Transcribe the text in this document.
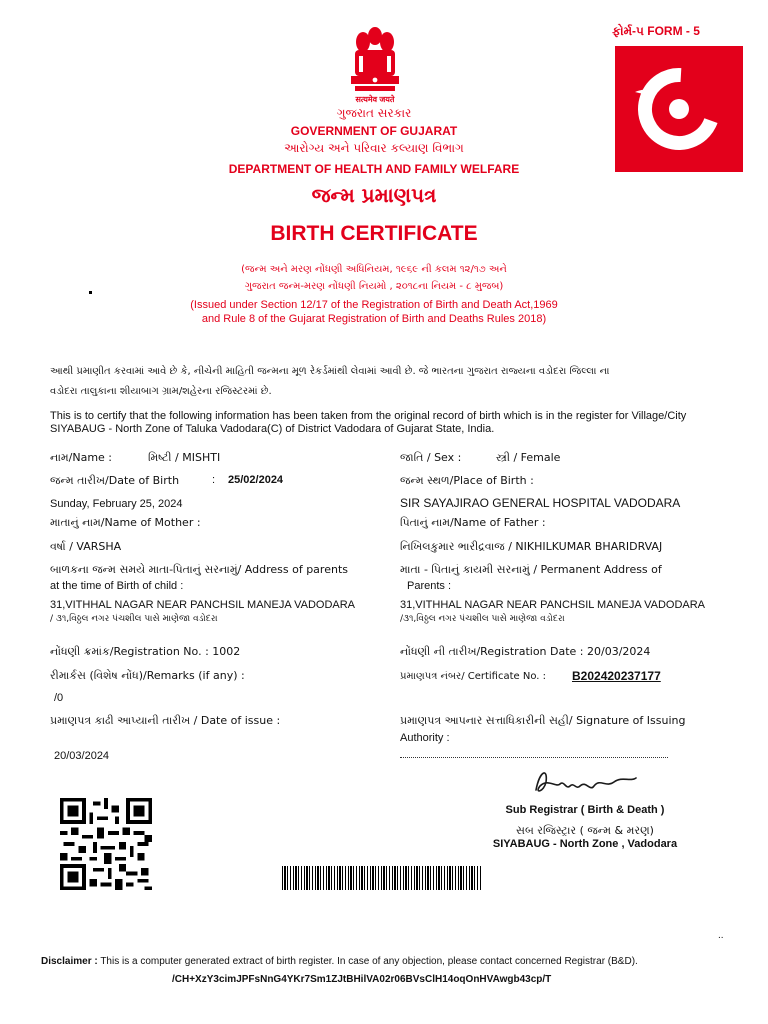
ફોર્મ-૫ FORM - 5
सत्यमेव जयते
ગુજરાત સરકાર
GOVERNMENT OF GUJARAT
આરોગ્ય અને પરિવાર કલ્યાણ વિભાગ
DEPARTMENT OF HEALTH AND FAMILY WELFARE
જન્મ પ્રમાણપત્ર
BIRTH CERTIFICATE
(જન્મ અને મરણ નોંધણી અધિનિયમ, ૧૯૬૯ ની કલમ ૧૨/૧૭ અને
ગુજરાત જન્મ-મરણ નોંધણી નિયમો , ૨૦૧૮ના નિયમ - ૮ મુજબ)
(Issued under Section 12/17 of the Registration of Birth and Death Act,1969
and Rule 8 of the Gujarat Registration of Birth and Deaths Rules 2018)
આથી પ્રમાણીત કરવામાં આવે છે કે, નીચેની માહિતી જન્મના મૂળ રેકર્ડમાંથી લેવામાં આવી છે. જે ભારતના ગુજરાત રાજ્યના વડોદરા જિલ્લા ના
વડોદરા તાલુકાના શીયાબાગ ગ્રામ/શહેરના રજિસ્ટરમાં છે.
This is to certify that the following information has been taken from the original record of birth which is in the register for Village/City
SIYABAUG - North Zone of Taluka Vadodara(C) of District Vadodara of Gujarat State, India.
નામ/Name :	મિષ્ટી / MISHTI
જન્મ તારીખ/Date of Birth	: 25/02/2024
Sunday, February 25, 2024
માતાનું નામ/Name of Mother :
વર્ષા / VARSHA
બાળકના જન્મ સમયે માતા-પિતાનું સરનામું/ Address of parents
at the time of Birth of child :
31,VITHHAL NAGAR NEAR PANCHSIL MANEJA VADODARA
/ ૩૧,વિઠ્ઠલ નગર પંચશીલ પાસે માણેજા વડોદરા
નોંધણી ક્રમાંક/Registration No. : 1002
રીમાર્કસ (વિશેષ નોંધ)/Remarks (if any) :
/0
પ્રમાણપત્ર કાઢી આપ્યાની તારીખ / Date of issue :
20/03/2024
જાતિ / Sex :	સ્ત્રી / Female
જન્મ સ્થળ/Place of Birth :
SIR SAYAJIRAO GENERAL HOSPITAL VADODARA
પિતાનું નામ/Name of Father :
નિખિલકુમાર ભારીદ્રવાજ / NIKHILKUMAR BHARIDRVAJ
માતા - પિતાનું કાયમી સરનામું / Permanent Address of
Parents :
31,VITHHAL NAGAR NEAR PANCHSIL MANEJA VADODARA
/૩૧,વિઠ્ઠલ નગર પંચશીલ પાસે માણેજા વડોદરા
નોંધણી ની તારીખ/Registration Date : 20/03/2024
પ્રમાણપત્ર નંબર/ Certificate No. : B202420237177
પ્રમાણપત્ર આપનાર સત્તાધિકારીની સહી/ Signature of Issuing
Authority :
Sub Registrar ( Birth & Death )
સબ રજિસ્ટ્રાર ( જન્મ & મરણ)
SIYABAUG - North Zone , Vadodara
..
Disclaimer : This is a computer generated extract of birth register. In case of any objection, please contact concerned Registrar (B&D).
/CH+XzY3cimJPFsNnG4YKr7Sm1ZJtBHilVA02r06BVsClH14oqOnHVAwgb43cp/T
